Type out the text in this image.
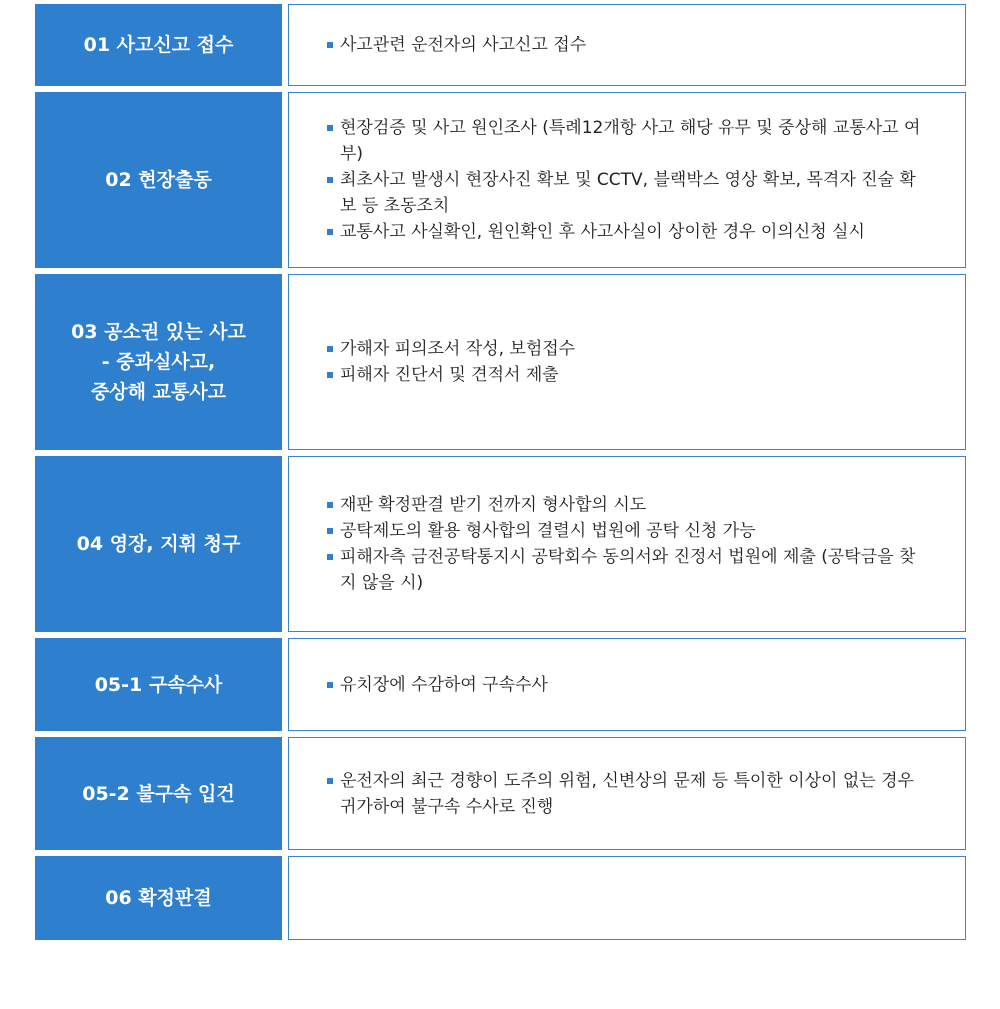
01 사고신고 접수	사고관련 운전자의 사고신고 접수
02 현장출동
현장검증 및 사고 원인조사 (특례12개항 사고 해당 유무 및 중상해 교통사고 여부)
최초사고 발생시 현장사진 확보 및 CCTV, 블랙박스 영상 확보, 목격자 진술 확보 등 초동조치
교통사고 사실확인, 원인확인 후 사고사실이 상이한 경우 이의신청 실시
03 공소권 있는 사고
- 중과실사고,
중상해 교통사고
가해자 피의조서 작성, 보험접수
피해자 진단서 및 견적서 제출
04 영장, 지휘 청구
재판 확정판결 받기 전까지 형사합의 시도
공탁제도의 활용 형사합의 결렬시 법원에 공탁 신청 가능
피해자측 금전공탁통지시 공탁회수 동의서와 진정서 법원에 제출 (공탁금을 찾지 않을 시)
05-1 구속수사	유치장에 수감하여 구속수사
05-2 불구속 입건
운전자의 최근 경향이 도주의 위험, 신변상의 문제 등 특이한 이상이 없는 경우 귀가하여 불구속 수사로 진행
06 확정판결
